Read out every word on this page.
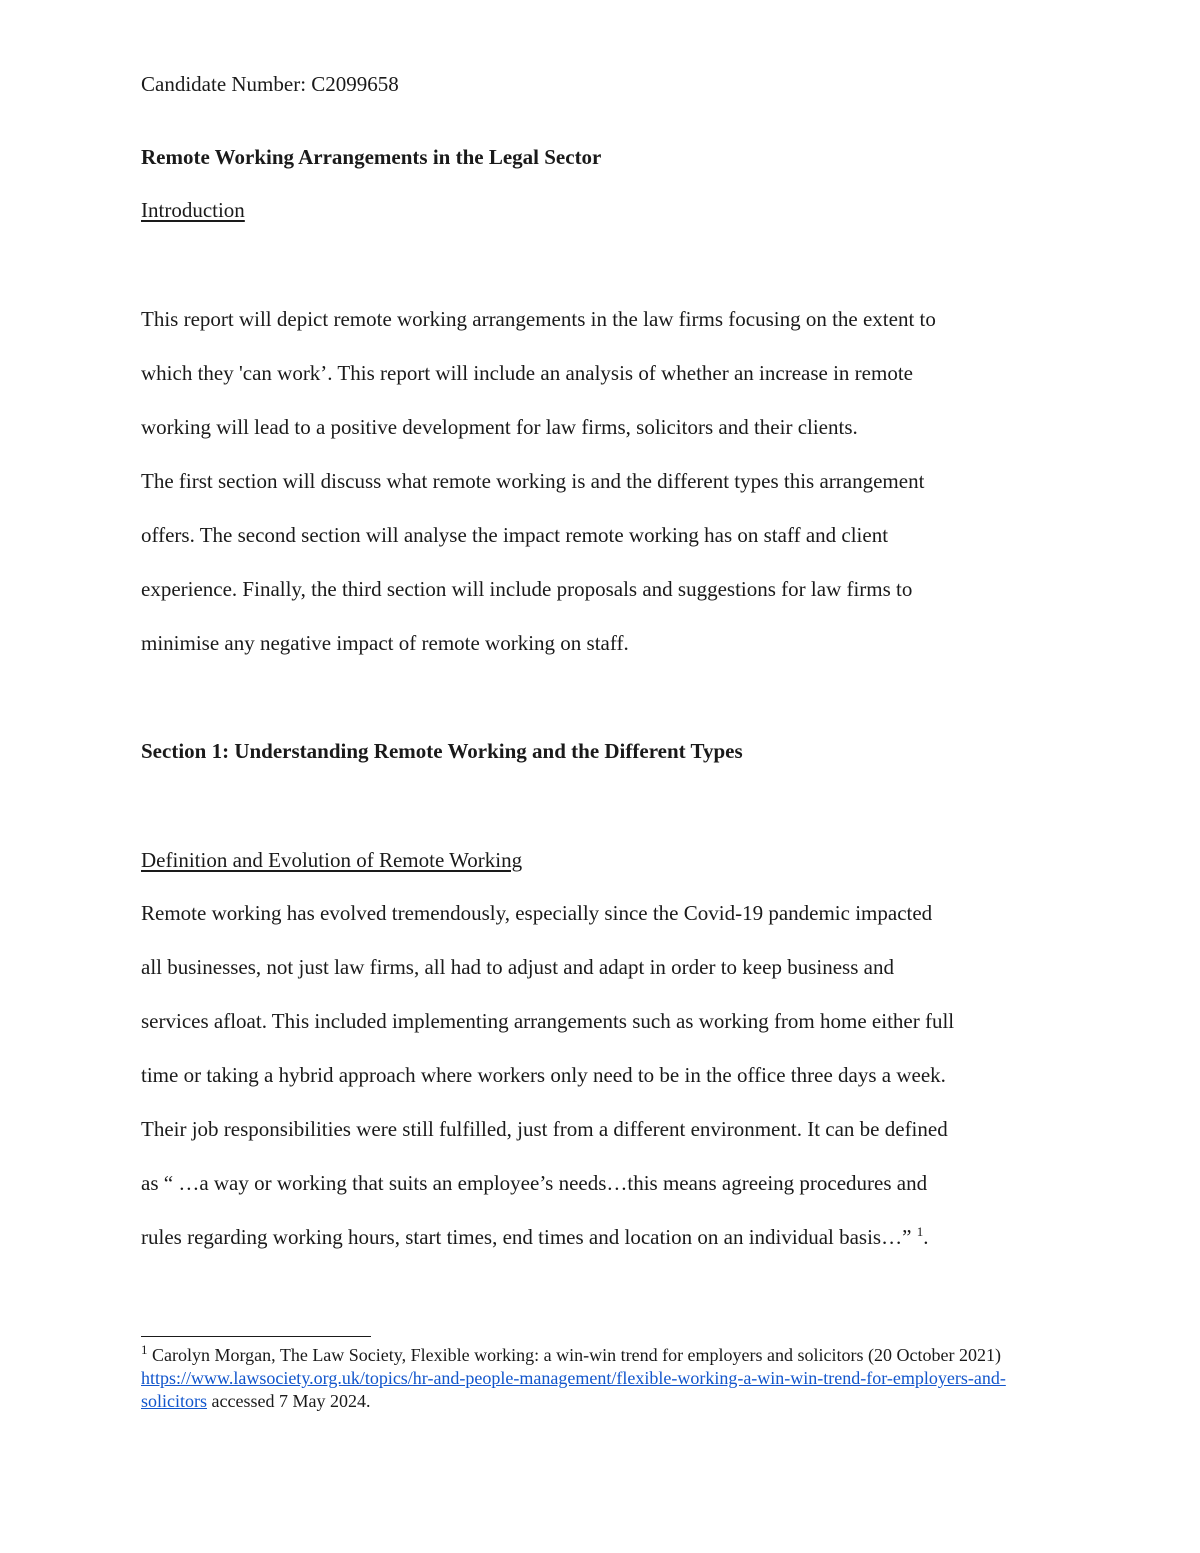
Candidate Number: C2099658
Remote Working Arrangements in the Legal Sector
Introduction

This report will depict remote working arrangements in the law firms focusing on the extent to

which they 'can work’. This report will include an analysis of whether an increase in remote

working will lead to a positive development for law firms, solicitors and their clients.

The first section will discuss what remote working is and the different types this arrangement

offers. The second section will analyse the impact remote working has on staff and client

experience. Finally, the third section will include proposals and suggestions for law firms to

minimise any negative impact of remote working on staff.

Section 1: Understanding Remote Working and the Different Types
Definition and Evolution of Remote Working

Remote working has evolved tremendously, especially since the Covid-19 pandemic impacted

all businesses, not just law firms, all had to adjust and adapt in order to keep business and

services afloat. This included implementing arrangements such as working from home either full

time or taking a hybrid approach where workers only need to be in the office three days a week.

Their job responsibilities were still fulfilled, just from a different environment. It can be defined

as “ …a way or working that suits an employee’s needs…this means agreeing procedures and

rules regarding working hours, start times, end times and location on an individual basis…” $^1$.

$^1$ Carolyn Morgan, The Law Society, Flexible working: a win-win trend for employers and solicitors (20 October 2021) https://www.lawsociety.org.uk/topics/hr-and-people-management/flexible-working-a-win-win-trend-for-employers-and-solicitors accessed 7 May 2024.
